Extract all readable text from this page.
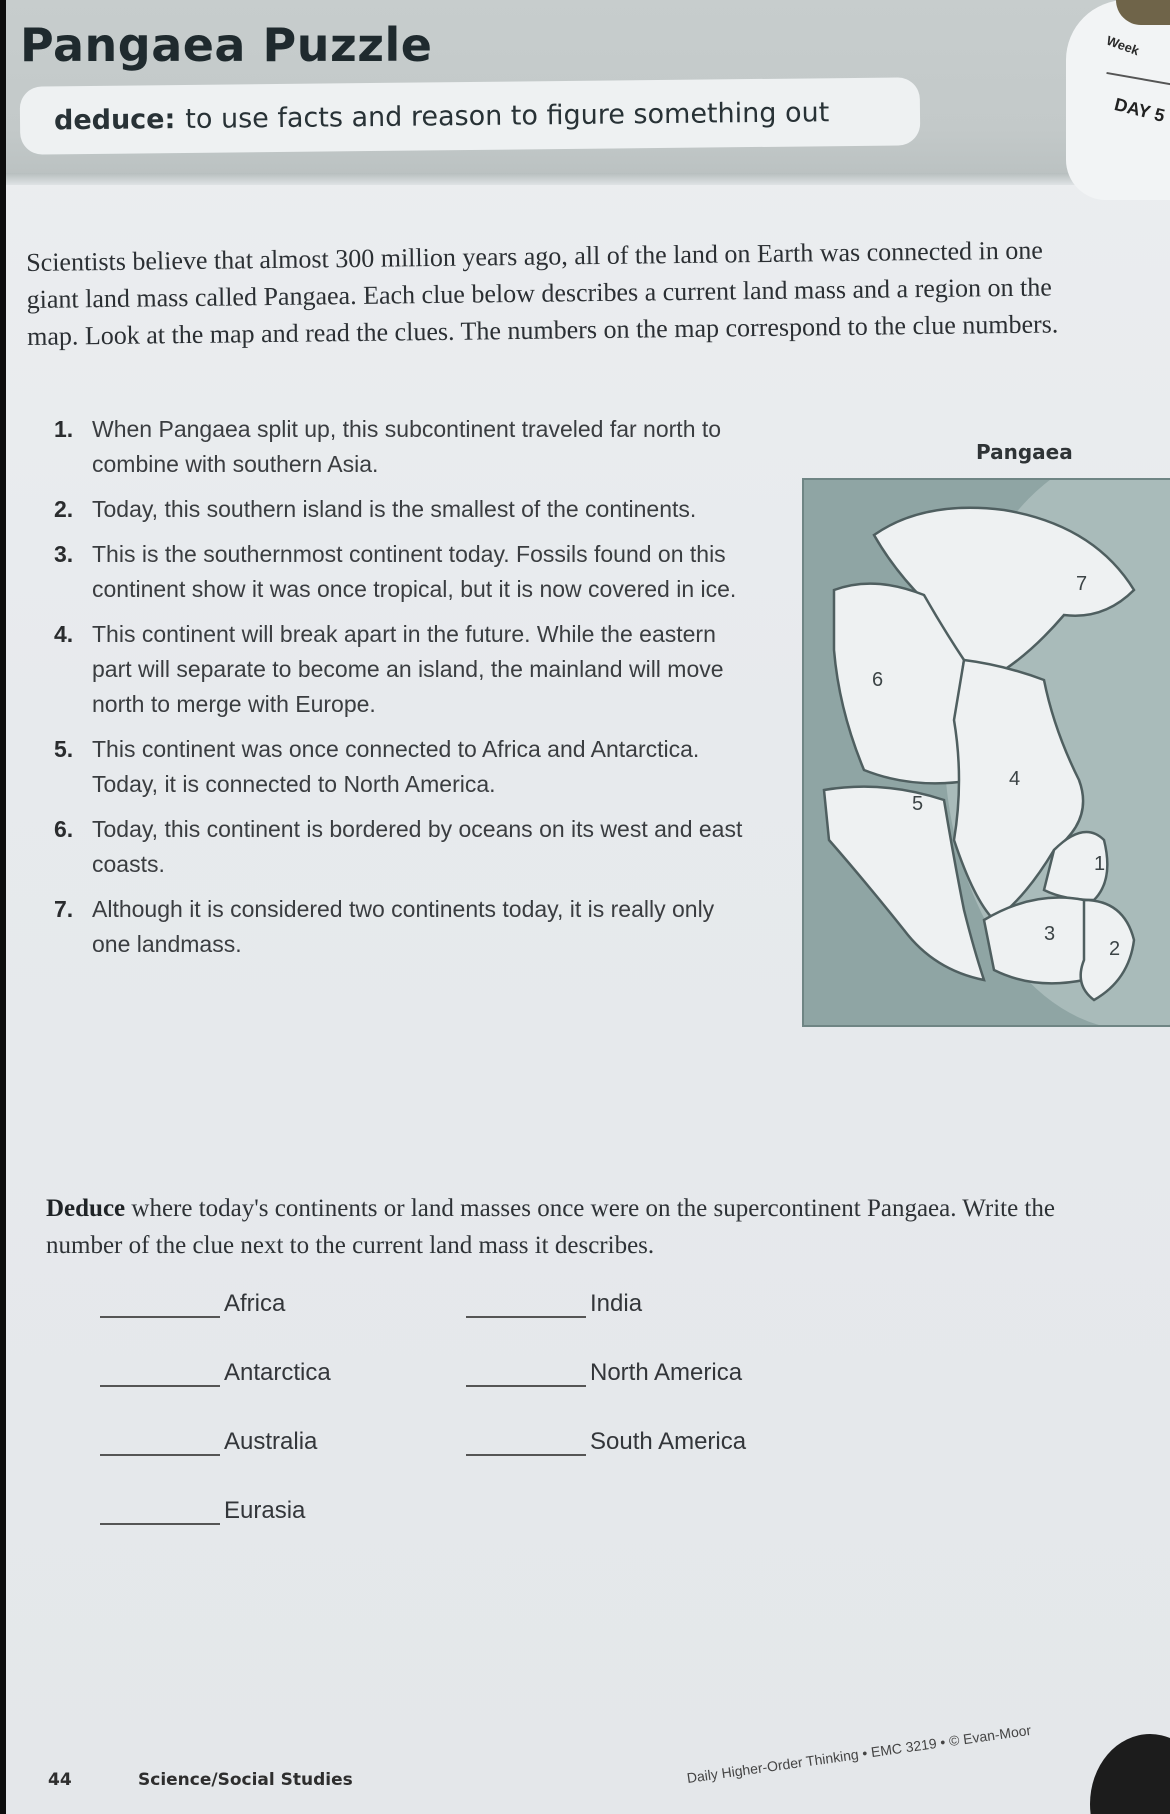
Pangaea Puzzle
deduce: to use facts and reason to figure something out
Week
DAY 5

Scientists believe that almost 300 million years ago, all of the land on Earth was connected in one giant land mass called Pangaea. Each clue below describes a current land mass and a region on the map. Look at the map and read the clues. The numbers on the map correspond to the clue numbers.

1. When Pangaea split up, this subcontinent traveled far north to combine with southern Asia.
2. Today, this southern island is the smallest of the continents.
3. This is the southernmost continent today. Fossils found on this continent show it was once tropical, but it is now covered in ice.
4. This continent will break apart in the future. While the eastern part will separate to become an island, the mainland will move north to merge with Europe.
5. This continent was once connected to Africa and Antarctica. Today, it is connected to North America.
6. Today, this continent is bordered by oceans on its west and east coasts.
7. Although it is considered two continents today, it is really only one landmass.
Pangaea
7
6
4
5
1
3
2

Deduce where today's continents or land masses once were on the supercontinent Pangaea. Write the number of the clue next to the current land mass it describes.

Africa
Antarctica
Australia
Eurasia
India
North America
South America
44	Science/Social Studies	Daily Higher-Order Thinking • EMC 3219 • © Evan-Moor
